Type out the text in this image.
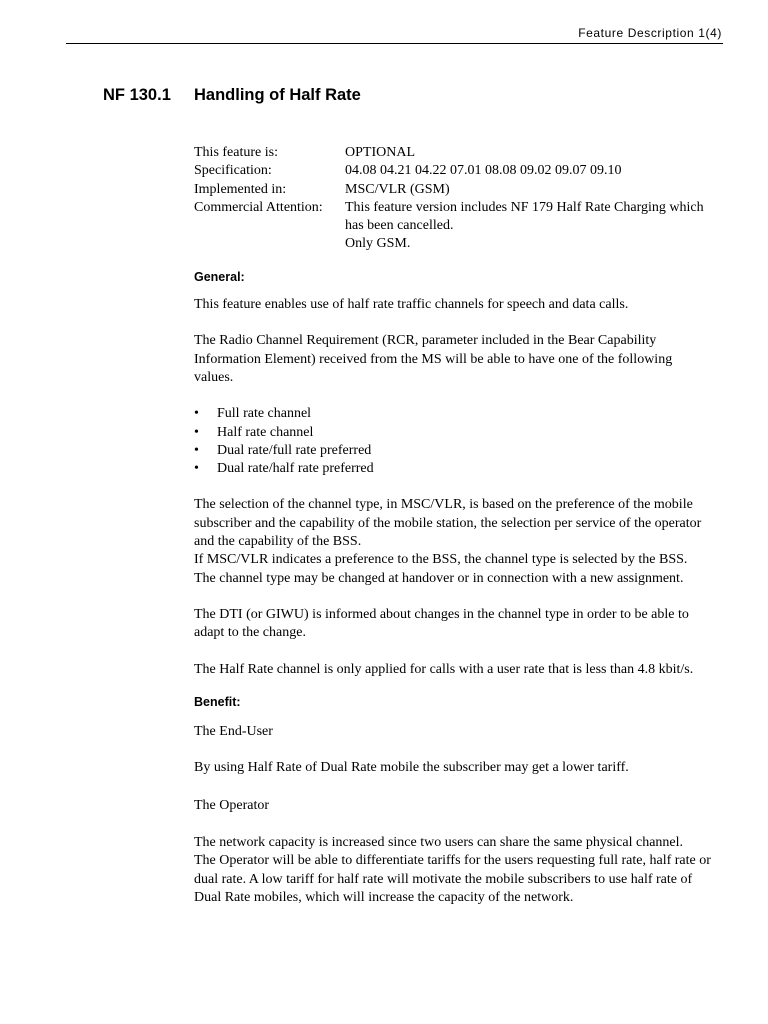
Feature Description 1(4)
NF 130.1 Handling of Half Rate
This feature is:	OPTIONAL
Specification:	04.08 04.21 04.22 07.01 08.08 09.02 09.07 09.10
Implemented in:	MSC/VLR (GSM)
Commercial Attention:	This feature version includes NF 179 Half Rate Charging which
has been cancelled.
Only GSM.
General:

This feature enables use of half rate traffic channels for speech and data calls.

The Radio Channel Requirement (RCR, parameter included in the Bear Capability
Information Element) received from the MS will be able to have one of the following
values.

• Full rate channel
• Half rate channel
• Dual rate/full rate preferred
• Dual rate/half rate preferred

The selection of the channel type, in MSC/VLR, is based on the preference of the mobile
subscriber and the capability of the mobile station, the selection per service of the operator
and the capability of the BSS.
If MSC/VLR indicates a preference to the BSS, the channel type is selected by the BSS.
The channel type may be changed at handover or in connection with a new assignment.

The DTI (or GIWU) is informed about changes in the channel type in order to be able to
adapt to the change.

The Half Rate channel is only applied for calls with a user rate that is less than 4.8 kbit/s.

Benefit:

The End-User

By using Half Rate of Dual Rate mobile the subscriber may get a lower tariff.

The Operator

The network capacity is increased since two users can share the same physical channel.
The Operator will be able to differentiate tariffs for the users requesting full rate, half rate or
dual rate. A low tariff for half rate will motivate the mobile subscribers to use half rate of
Dual Rate mobiles, which will increase the capacity of the network.
